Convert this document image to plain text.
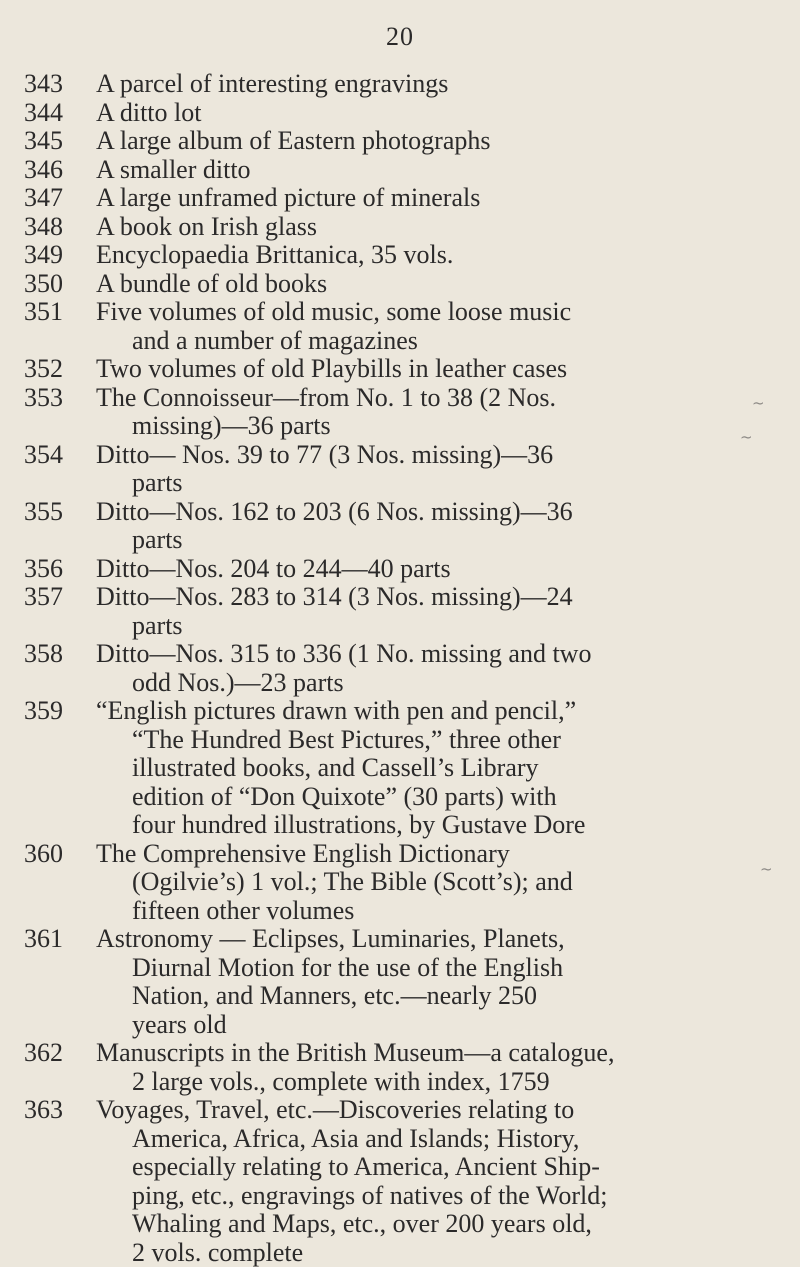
20
343	A parcel of interesting engravings
344	A ditto lot
345	A large album of Eastern photographs
346	A smaller ditto
347	A large unframed picture of minerals
348	A book on Irish glass
349	Encyclopaedia Brittanica, 35 vols.
350	A bundle of old books
351	Five volumes of old music, some loose music
and a number of magazines
352	Two volumes of old Playbills in leather cases
353	The Connoisseur—from No. 1 to 38 (2 Nos.
missing)—36 parts
354	Ditto— Nos. 39 to 77 (3 Nos. missing)—36
parts
355	Ditto—Nos. 162 to 203 (6 Nos. missing)—36
parts
356	Ditto—Nos. 204 to 244—40 parts
357	Ditto—Nos. 283 to 314 (3 Nos. missing)—24
parts
358	Ditto—Nos. 315 to 336 (1 No. missing and two
odd Nos.)—23 parts
359	“English pictures drawn with pen and pencil,”
“The Hundred Best Pictures,” three other
illustrated books, and Cassell’s Library
edition of “Don Quixote” (30 parts) with
four hundred illustrations, by Gustave Dore
360	The Comprehensive English Dictionary
(Ogilvie’s) 1 vol.; The Bible (Scott’s); and
fifteen other volumes
361	Astronomy — Eclipses, Luminaries, Planets,
Diurnal Motion for the use of the English
Nation, and Manners, etc.—nearly 250
years old
362	Manuscripts in the British Museum—a catalogue,
2 large vols., complete with index, 1759
363	Voyages, Travel, etc.—Discoveries relating to
America, Africa, Asia and Islands; History,
especially relating to America, Ancient Ship-
ping, etc., engravings of natives of the World;
Whaling and Maps, etc., over 200 years old,
2 vols. complete
~
~
~
